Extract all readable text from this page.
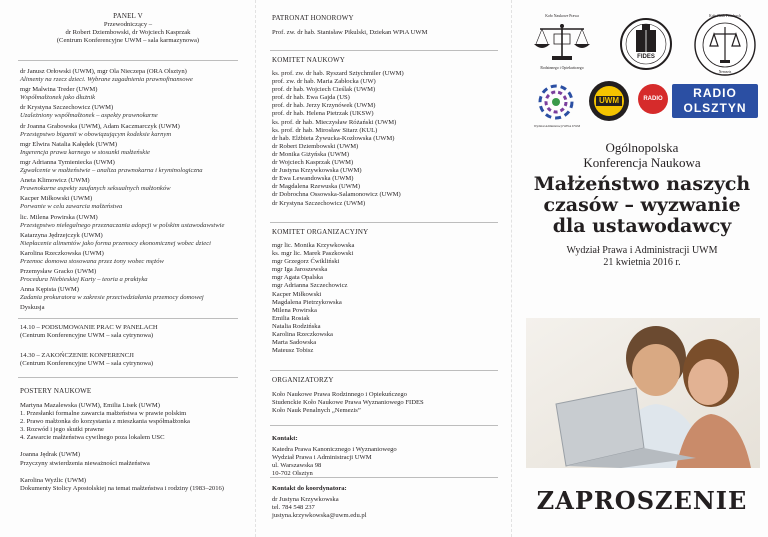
PANEL V
Przewodniczący –
dr Robert Dziembowski, dr Wojciech Kasprzak
(Centrum Konferencyjne UWM – sala karmazynowa)
dr Janusz Orłowski (UWM), mgr Ola Nieczepa (ORA Olsztyn)
Alimenty na rzecz dzieci. Wybrane zagadnienia prawnofinansowe
mgr Malwina Treder (UWM)
Współmałżonek jako dłużnik
dr Krystyna Szczechowicz (UWM)
Uzależniony współmałżonek – aspekty prawnokarne
dr Joanna Grabowska (UWM), Adam Kaczmarczyk (UWM)
Przestępstwo bigamii w obowiązującym kodeksie karnym
mgr Elwira Natalia Kałędek (UWM)
Ingerencja prawa karnego w stosunki małżeńskie
mgr Adrianna Tymieniecka (UWM)
Zgwałcenie w małżeństwie – analiza prawnokarna i kryminologiczna
Aneta Klimowicz (UWM)
Prawnokarne aspekty zaufanych seksualnych małżonków
Kacper Miłkowski (UWM)
Porwanie w celu zawarcia małżeństwa
lic. Milena Powirska (UWM)
Przestępstwo niełegalnego przeznaczania adopcji w polskim ustawodawstwie
Katarzyna Jędrzejczyk (UWM)
Niepłacenie alimentów jako forma przemocy ekonomicznej wobec dzieci
Karolina Rzeczkowska (UWM)
Przemoc domowa stosowana przez żony wobec mężów
Przemysław Gracko (UWM)
Procedura Niebieskiej Karty – teoria a praktyka
Anna Kępista (UWM)
Zadania prokuratora w zakresie przeciwdziałania przemocy domowej
Dyskusja
14.10 – PODSUMOWANIE PRAC W PANELACH
(Centrum Konferencyjne UWM – sala cytrynowa)
14.30 – ZAKOŃCZENIE KONFERENCJI
(Centrum Konferencyjne UWM – sala cytrynowa)
POSTERY NAUKOWE
Martyna Mazalewska (UWM), Emilia Lisek (UWM)
1. Przesłanki formalne zawarcia małżeństwa w prawie polskim
2. Prawo małżonka do korzystania z mieszkania współmałżonka
3. Rozwód i jego skutki prawne
4. Zawarcie małżeństwa cywilnego poza lokalem USC
Joanna Jędrak (UWM)
Przyczyny stwierdzenia nieważności małżeństwa
Karolina Wyżlic (UWM)
Dokumenty Stolicy Apostolskiej na temat małżeństwa i rodziny (1983–2016)
PATRONAT HONOROWY
Prof. zw. dr hab. Stanisław Pikulski, Dziekan WPiA UWM
KOMITET NAUKOWY
ks. prof. zw. dr hab. Ryszard Sztychmiler (UWM)
prof. zw. dr hab. Maria Zabłocka (UW)
prof. dr hab. Wojciech Cieślak (UWM)
prof. dr hab. Ewa Gajda (US)
prof. dr hab. Jerzy Krzynówek (UWM)
prof. dr hab. Helena Pietrzak (UKSW)
ks. prof. dr hab. Mieczysław Różański (UWM)
ks. prof. dr hab. Mirosław Sitarz (KUL)
dr hab. Elżbieta Żywucka-Kozłowska (UWM)
dr Robert Dziembowski (UWM)
dr Monika Giżyńska (UWM)
dr Wojciech Kasprzak (UWM)
dr Justyna Krzywkowska (UWM)
dr Ewa Lewandowska (UWM)
dr Magdalena Rzewuska (UWM)
dr Dobrochna Ossowska-Salamonowicz (UWM)
dr Krystyna Szczechowicz (UWM)
KOMITET ORGANIZACYJNY
mgr lic. Monika Krzywkowska
ks. mgr lic. Marek Paszkowski
mgr Grzegorz Ćwikliński
mgr Iga Jaroszewska
mgr Agata Opalska
mgr Adrianna Szczechowicz
Kacper Miłkowski
Magdalena Pietrzykowska
Milena Powirska
Emilia Rosiak
Natalia Rodzińska
Karolina Rzeczkowska
Marta Sadowska
Mateusz Tobisz
ORGANIZATORZY
Koło Naukowe Prawa Rodzinnego i Opiekuńczego
Studenckie Koło Naukowe Prawa Wyznaniowego FIDES
Koło Nauk Penalnych „Nemezis”
Kontakt:
Katedra Prawa Kanonicznego i Wyznaniowego
Wydział Prawa i Administracji UWM
ul. Warszawska 98
10-702 Olsztyn
Kontakt do koordynatora:
dr Justyna Krzywkowska
tel. 784 548 237
justyna.krzywkowska@uwm.edu.pl
Koło Naukowe Prawa
Rodzinnego i Opiekuńczego
FIDES
Koło Nauk Penalnych
Nemezis
Wydział Administracji WPiA UWM
UWM	RADIO	RADIO
OLSZTYN
Ogólnopolska
Konferencja Naukowa
Małżeństwo naszych
czasów – wyzwanie
dla ustawodawcy
Wydział Prawa i Administracji UWM
21 kwietnia 2016 r.
ZAPROSZENIE
